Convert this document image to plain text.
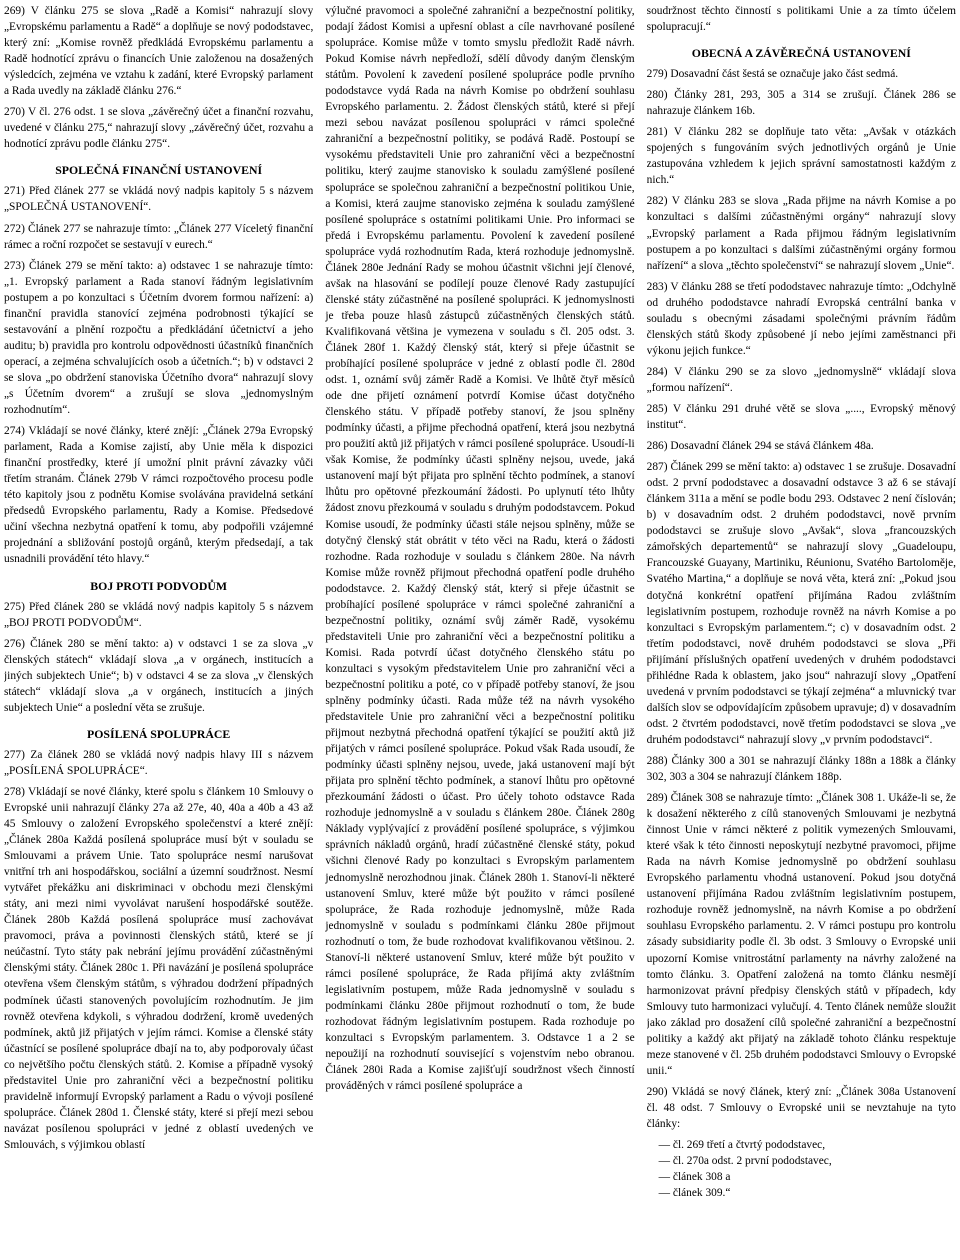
269) V článku 275 se slova „Radě a Komisi“ nahrazují slovy „Evropskému parlamentu a Radě“ a doplňuje se nový pododstavec, který zní: „Komise rovněž předkládá Evropskému parlamentu a Radě hodnotící zprávu o financích Unie založenou na dosažených výsledcích, zejména ve vztahu k zadání, které Evropský parlament a Rada uvedly na základě článku 276.“

270) V čl. 276 odst. 1 se slova „závěrečný účet a finanční rozvahu, uvedené v článku 275,“ nahrazují slovy „závěrečný účet, rozvahu a hodnotící zprávu podle článku 275“.

SPOLEČNÁ FINANČNÍ USTANOVENÍ

271) Před článek 277 se vkládá nový nadpis kapitoly 5 s názvem „SPOLEČNÁ USTANOVENÍ“.

272) Článek 277 se nahrazuje tímto: „Článek 277 Víceletý finanční rámec a roční rozpočet se sestavují v eurech.“

273) Článek 279 se mění takto: a) odstavec 1 se nahrazuje tímto: „1. Evropský parlament a Rada stanoví řádným legislativním postupem a po konzultaci s Účetním dvorem formou nařízení: a) finanční pravidla stanovící zejména podrobnosti týkající se sestavování a plnění rozpočtu a předkládání účetnictví a jeho auditu; b) pravidla pro kontrolu odpovědnosti účastníků finančních operací, a zejména schvalujících osob a účetních.“; b) v odstavci 2 se slova „po obdržení stanoviska Účetního dvora“ nahrazují slovy „s Účetním dvorem“ a zrušují se slova „jednomyslným rozhodnutím“.

274) Vkládají se nové články, které znějí: „Článek 279a Evropský parlament, Rada a Komise zajistí, aby Unie měla k dispozici finanční prostředky, které jí umožní plnit právní závazky vůči třetím stranám. Článek 279b V rámci rozpočtového procesu podle této kapitoly jsou z podnětu Komise svolávána pravidelná setkání předsedů Evropského parlamentu, Rady a Komise. Předsedové učiní všechna nezbytná opatření k tomu, aby podpořili vzájemné projednání a sbližování postojů orgánů, kterým předsedají, a tak usnadnili provádění této hlavy.“

BOJ PROTI PODVODŮM

275) Před článek 280 se vkládá nový nadpis kapitoly 5 s názvem „BOJ PROTI PODVODŮM“.

276) Článek 280 se mění takto: a) v odstavci 1 se za slova „v členských státech“ vkládají slova „a v orgánech, institucích a jiných subjektech Unie“; b) v odstavci 4 se za slova „v členských státech“ vkládají slova „a v orgánech, institucích a jiných subjektech Unie“ a poslední věta se zrušuje.

POSÍLENÁ SPOLUPRÁCE

277) Za článek 280 se vkládá nový nadpis hlavy III s názvem „POSÍLENÁ SPOLUPRÁCE“.

278) Vkládají se nové články, které spolu s článkem 10 Smlouvy o Evropské unii nahrazují články 27a až 27e, 40, 40a a 40b a 43 až 45 Smlouvy o založení Evropského společenství a které znějí: „Článek 280a Každá posílená spolupráce musí být v souladu se Smlouvami a právem Unie. Tato spolupráce nesmí narušovat vnitřní trh ani hospodářskou, sociální a územní soudržnost. Nesmí vytvářet překážku ani diskriminaci v obchodu mezi členskými státy, ani mezi nimi vyvolávat narušení hospodářské soutěže. Článek 280b Každá posílená spolupráce musí zachovávat pravomoci, práva a povinnosti členských států, které se jí neúčastní. Tyto státy pak nebrání jejímu provádění zúčastněnými členskými státy. Článek 280c 1. Při navázání je posílená spolupráce otevřena všem členským státům, s výhradou dodržení případných podmínek účasti stanovených povolujícím rozhodnutím. Je jim rovněž otevřena kdykoli, s výhradou dodržení, kromě uvedených podmínek, aktů již přijatých v jejím rámci. Komise a členské státy účastnící se posílené spolupráce dbají na to, aby podporovaly účast co největšího počtu členských států. 2. Komise a případně vysoký představitel Unie pro zahraniční věci a bezpečnostní politiku pravidelně informují Evropský parlament a Radu o vývoji posílené spolupráce. Článek 280d 1. Členské státy, které si přejí mezi sebou navázat posílenou spolupráci v jedné z oblastí uvedených ve Smlouvách, s výjimkou oblastí

výlučné pravomoci a společné zahraniční a bezpečnostní politiky, podají žádost Komisi a upřesní oblast a cíle navrhované posílené spolupráce. Komise může v tomto smyslu předložit Radě návrh. Pokud Komise návrh nepředloží, sdělí důvody daným členským státům. Povolení k zavedení posílené spolupráce podle prvního pododstavce vydá Rada na návrh Komise po obdržení souhlasu Evropského parlamentu. 2. Žádost členských států, které si přejí mezi sebou navázat posílenou spolupráci v rámci společné zahraniční a bezpečnostní politiky, se podává Radě. Postoupí se vysokému představiteli Unie pro zahraniční věci a bezpečnostní politiku, který zaujme stanovisko k souladu zamýšlené posílené spolupráce se společnou zahraniční a bezpečnostní politikou Unie, a Komisi, která zaujme stanovisko zejména k souladu zamýšlené posílené spolupráce s ostatními politikami Unie. Pro informaci se předá i Evropskému parlamentu. Povolení k zavedení posílené spolupráce vydá rozhodnutím Rada, která rozhoduje jednomyslně. Článek 280e Jednání Rady se mohou účastnit všichni její členové, avšak na hlasování se podílejí pouze členové Rady zastupující členské státy zúčastněné na posílené spolupráci. K jednomyslnosti je třeba pouze hlasů zástupců zúčastněných členských států. Kvalifikovaná většina je vymezena v souladu s čl. 205 odst. 3. Článek 280f 1. Každý členský stát, který si přeje účastnit se probíhající posílené spolupráce v jedné z oblastí podle čl. 280d odst. 1, oznámí svůj záměr Radě a Komisi. Ve lhůtě čtyř měsíců ode dne přijetí oznámení potvrdí Komise účast dotyčného členského státu. V případě potřeby stanoví, že jsou splněny podmínky účasti, a přijme přechodná opatření, která jsou nezbytná pro použití aktů již přijatých v rámci posílené spolupráce. Usoudí-li však Komise, že podmínky účasti splněny nejsou, uvede, jaká ustanovení mají být přijata pro splnění těchto podmínek, a stanoví lhůtu pro opětovné přezkoumání žádosti. Po uplynutí této lhůty žádost znovu přezkoumá v souladu s druhým pododstavcem. Pokud Komise usoudí, že podmínky účasti stále nejsou splněny, může se dotyčný členský stát obrátit v této věci na Radu, která o žádosti rozhodne. Rada rozhoduje v souladu s článkem 280e. Na návrh Komise může rovněž přijmout přechodná opatření podle druhého pododstavce. 2. Každý členský stát, který si přeje účastnit se probíhající posílené spolupráce v rámci společné zahraniční a bezpečnostní politiky, oznámí svůj záměr Radě, vysokému představiteli Unie pro zahraniční věci a bezpečnostní politiku a Komisi. Rada potvrdí účast dotyčného členského státu po konzultaci s vysokým představitelem Unie pro zahraniční věci a bezpečnostní politiku a poté, co v případě potřeby stanoví, že jsou splněny podmínky účasti. Rada může též na návrh vysokého představitele Unie pro zahraniční věci a bezpečnostní politiku přijmout nezbytná přechodná opatření týkající se použití aktů již přijatých v rámci posílené spolupráce. Pokud však Rada usoudí, že podmínky účasti splněny nejsou, uvede, jaká ustanovení mají být přijata pro splnění těchto podmínek, a stanoví lhůtu pro opětovné přezkoumání žádosti o účast. Pro účely tohoto odstavce Rada rozhoduje jednomyslně a v souladu s článkem 280e. Článek 280g Náklady vyplývající z provádění posílené spolupráce, s výjimkou správních nákladů orgánů, hradí zúčastněné členské státy, pokud všichni členové Rady po konzultaci s Evropským parlamentem jednomyslně nerozhodnou jinak. Článek 280h 1. Stanoví-li některé ustanovení Smluv, které může být použito v rámci posílené spolupráce, že Rada rozhoduje jednomyslně, může Rada jednomyslně v souladu s podmínkami článku 280e přijmout rozhodnutí o tom, že bude rozhodovat kvalifikovanou většinou. 2. Stanoví-li některé ustanovení Smluv, které může být použito v rámci posílené spolupráce, že Rada přijímá akty zvláštním legislativním postupem, může Rada jednomyslně v souladu s podmínkami článku 280e přijmout rozhodnutí o tom, že bude rozhodovat řádným legislativním postupem. Rada rozhoduje po konzultaci s Evropským parlamentem. 3. Odstavce 1 a 2 se nepoužijí na rozhodnutí související s vojenstvím nebo obranou. Článek 280i Rada a Komise zajišťují soudržnost všech činností prováděných v rámci posílené spolupráce a

soudržnost těchto činností s politikami Unie a za tímto účelem spolupracují.“

OBECNÁ A ZÁVĚREČNÁ USTANOVENÍ

279) Dosavadní část šestá se označuje jako část sedmá.

280) Články 281, 293, 305 a 314 se zrušují. Článek 286 se nahrazuje článkem 16b.

281) V článku 282 se doplňuje tato věta: „Avšak v otázkách spojených s fungováním svých jednotlivých orgánů je Unie zastupována vzhledem k jejich správní samostatnosti každým z nich.“

282) V článku 283 se slova „Rada přijme na návrh Komise a po konzultaci s dalšími zúčastněnými orgány“ nahrazují slovy „Evropský parlament a Rada přijmou řádným legislativním postupem a po konzultaci s dalšími zúčastněnými orgány formou nařízení“ a slova „těchto společenství“ se nahrazují slovem „Unie“.

283) V článku 288 se třetí pododstavec nahrazuje tímto: „Odchylně od druhého pododstavce nahradí Evropská centrální banka v souladu s obecnými zásadami společnými právním řádům členských států škody způsobené jí nebo jejími zaměstnanci při výkonu jejich funkce.“

284) V článku 290 se za slovo „jednomyslně“ vkládají slova „formou nařízení“.

285) V článku 291 druhé větě se slova „...., Evropský měnový institut“.

286) Dosavadní článek 294 se stává článkem 48a.

287) Článek 299 se mění takto: a) odstavec 1 se zrušuje. Dosavadní odst. 2 první pododstavec a dosavadní odstavce 3 až 6 se stávají článkem 311a a mění se podle bodu 293. Odstavec 2 není číslován; b) v dosavadním odst. 2 druhém pododstavci, nově prvním pododstavci se zrušuje slovo „Avšak“, slova „francouzských zámořských departementů“ se nahrazují slovy „Guadeloupu, Francouzské Guayany, Martiniku, Réunionu, Svatého Bartoloměje, Svatého Martina,“ a doplňuje se nová věta, která zní: „Pokud jsou dotyčná konkrétní opatření přijímána Radou zvláštním legislativním postupem, rozhoduje rovněž na návrh Komise a po konzultaci s Evropským parlamentem.“; c) v dosavadním odst. 2 třetím pododstavci, nově druhém pododstavci se slova „Při přijímání příslušných opatření uvedených v druhém pododstavci přihlédne Rada k oblastem, jako jsou“ nahrazují slovy „Opatření uvedená v prvním pododstavci se týkají zejména“ a mluvnický tvar dalších slov se odpovídajícím způsobem upravuje; d) v dosavadním odst. 2 čtvrtém pododstavci, nově třetím pododstavci se slova „ve druhém pododstavci“ nahrazují slovy „v prvním pododstavci“.

288) Články 300 a 301 se nahrazují články 188n a 188k a články 302, 303 a 304 se nahrazují článkem 188p.

289) Článek 308 se nahrazuje tímto: „Článek 308 1. Ukáže-li se, že k dosažení některého z cílů stanovených Smlouvami je nezbytná činnost Unie v rámci některé z politik vymezených Smlouvami, které však k této činnosti neposkytují nezbytné pravomoci, přijme Rada na návrh Komise jednomyslně po obdržení souhlasu Evropského parlamentu vhodná ustanovení. Pokud jsou dotyčná ustanovení přijímána Radou zvláštním legislativním postupem, rozhoduje rovněž jednomyslně, na návrh Komise a po obdržení souhlasu Evropského parlamentu. 2. V rámci postupu pro kontrolu zásady subsidiarity podle čl. 3b odst. 3 Smlouvy o Evropské unii upozorní Komise vnitrostátní parlamenty na návrhy založené na tomto článku. 3. Opatření založená na tomto článku nesmějí harmonizovat právní předpisy členských států v případech, kdy Smlouvy tuto harmonizaci vylučují. 4. Tento článek nemůže sloužit jako základ pro dosažení cílů společné zahraniční a bezpečnostní politiky a každý akt přijatý na základě tohoto článku respektuje meze stanovené v čl. 25b druhém pododstavci Smlouvy o Evropské unii.“

290) Vkládá se nový článek, který zní: „Článek 308a Ustanovení čl. 48 odst. 7 Smlouvy o Evropské unii se nevztahuje na tyto články:

— čl. 269 třetí a čtvrtý pododstavec,
— čl. 270a odst. 2 první pododstavec,
— článek 308 a
— článek 309.“
